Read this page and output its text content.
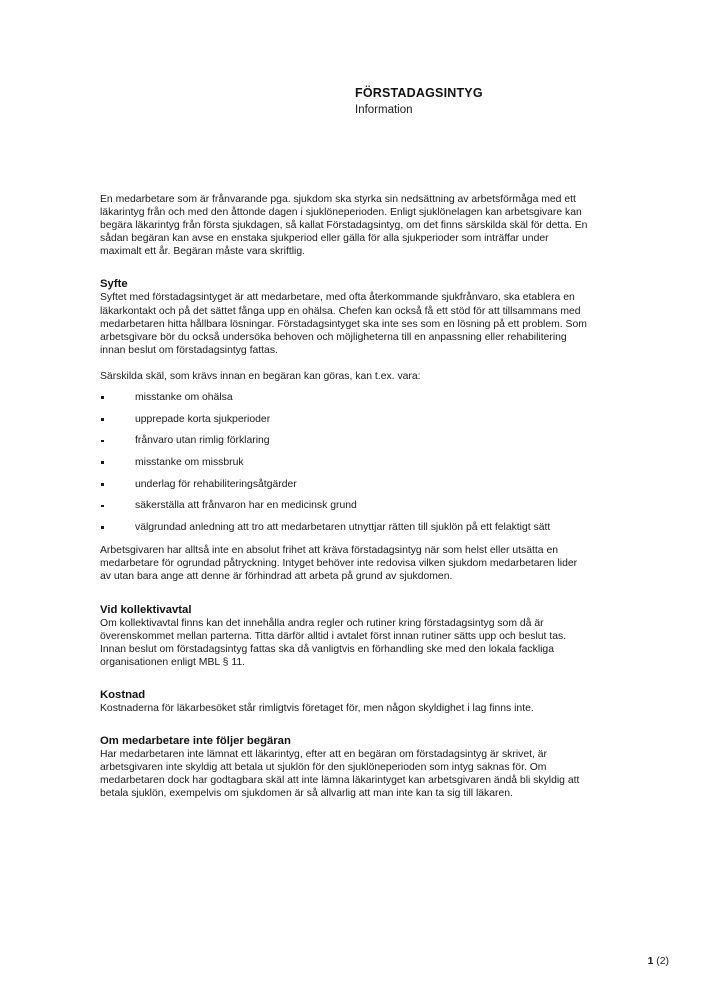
FÖRSTADAGSINTYG

Information

En medarbetare som är frånvarande pga. sjukdom ska styrka sin nedsättning av arbetsförmåga med ett läkarintyg från och med den åttonde dagen i sjuklöneperioden. Enligt sjuklönelagen kan arbetsgivare kan begära läkarintyg från första sjukdagen, så kallat Förstadagsintyg, om det finns särskilda skäl för detta. En sådan begäran kan avse en enstaka sjukperiod eller gälla för alla sjukperioder som inträffar under maximalt ett år. Begäran måste vara skriftlig.

Syfte

Syftet med förstadagsintyget är att medarbetare, med ofta återkommande sjukfrånvaro, ska etablera en läkarkontakt och på det sättet fånga upp en ohälsa. Chefen kan också få ett stöd för att tillsammans med medarbetaren hitta hållbara lösningar. Förstadagsintyget ska inte ses som en lösning på ett problem. Som arbetsgivare bör du också undersöka behoven och möjligheterna till en anpassning eller rehabilitering innan beslut om förstadagsintyg fattas.

Särskilda skäl, som krävs innan en begäran kan göras, kan t.ex. vara:

misstanke om ohälsa
upprepade korta sjukperioder
frånvaro utan rimlig förklaring
misstanke om missbruk
underlag för rehabiliteringsåtgärder
säkerställa att frånvaron har en medicinsk grund
välgrundad anledning att tro att medarbetaren utnyttjar rätten till sjuklön på ett felaktigt sätt

Arbetsgivaren har alltså inte en absolut frihet att kräva förstadagsintyg när som helst eller utsätta en medarbetare för ogrundad påtryckning. Intyget behöver inte redovisa vilken sjukdom medarbetaren lider av utan bara ange att denne är förhindrad att arbeta på grund av sjukdomen.

Vid kollektivavtal

Om kollektivavtal finns kan det innehålla andra regler och rutiner kring förstadagsintyg som då är överenskommet mellan parterna. Titta därför alltid i avtalet först innan rutiner sätts upp och beslut tas. Innan beslut om förstadagsintyg fattas ska då vanligtvis en förhandling ske med den lokala fackliga organisationen enligt MBL § 11.

Kostnad

Kostnaderna för läkarbesöket står rimligtvis företaget för, men någon skyldighet i lag finns inte.

Om medarbetare inte följer begäran

Har medarbetaren inte lämnat ett läkarintyg, efter att en begäran om förstadagsintyg är skrivet, är arbetsgivaren inte skyldig att betala ut sjuklön för den sjuklöneperioden som intyg saknas för. Om medarbetaren dock har godtagbara skäl att inte lämna läkarintyget kan arbetsgivaren ändå bli skyldig att betala sjuklön, exempelvis om sjukdomen är så allvarlig att man inte kan ta sig till läkaren.

1 (2)
